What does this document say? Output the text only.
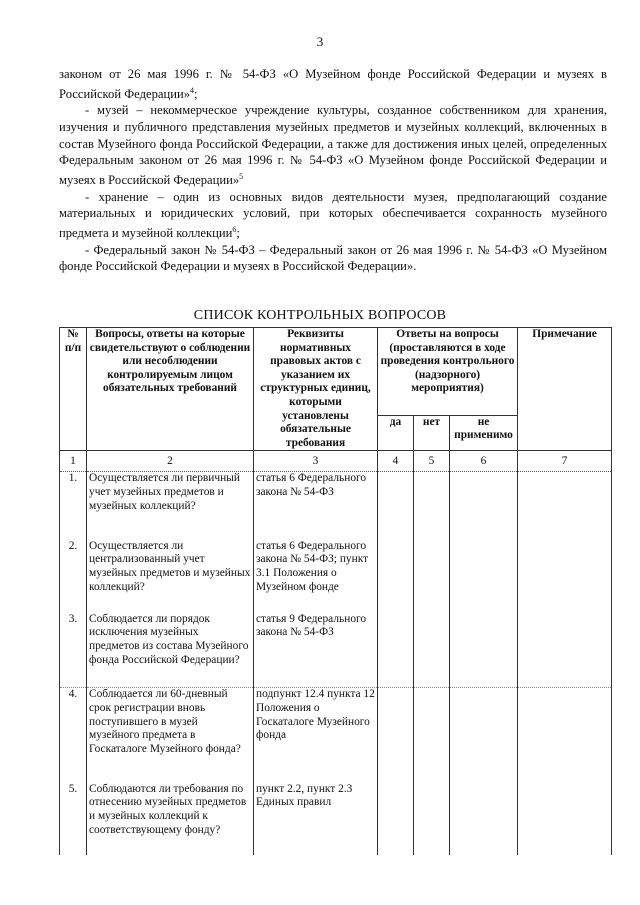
3

законом от 26 мая 1996 г. № 54-ФЗ «О Музейном фонде Российской Федерации и музеях в Российской Федерации»$^4$;

- музей – некоммерческое учреждение культуры, созданное собственником для хранения, изучения и публичного представления музейных предметов и музейных коллекций, включенных в состав Музейного фонда Российской Федерации, а также для достижения иных целей, определенных Федеральным законом от 26 мая 1996 г. № 54-ФЗ «О Музейном фонде Российской Федерации и музеях в Российской Федерации»$^5$

- хранение – один из основных видов деятельности музея, предполагающий создание материальных и юридических условий, при которых обеспечивается сохранность музейного предмета и музейной коллекции$^6$;

- Федеральный закон № 54-ФЗ – Федеральный закон от 26 мая 1996 г. № 54-ФЗ «О Музейном фонде Российской Федерации и музеях в Российской Федерации».

СПИСОК КОНТРОЛЬНЫХ ВОПРОСОВ
№ п/п	Вопросы, ответы на которые свидетельствуют о соблюдении или несоблюдении контролируемым лицом обязательных требований	Реквизиты нормативных правовых актов с указанием их структурных единиц, которыми установлены обязательные требования	Ответы на вопросы (проставляются в ходе проведения контрольного (надзорного) мероприятия)			Примечание
			да	нет	не применимо	
1	2	3	4	5	6	7
1.	Осуществляется ли первичный учет музейных предметов и музейных коллекций?	статья 6 Федерального закона № 54-ФЗ				
2.	Осуществляется ли централизованный учет музейных предметов и музейных коллекций?	статья 6 Федерального закона № 54-ФЗ; пункт 3.1 Положения о Музейном фонде				
3.	Соблюдается ли порядок исключения музейных предметов из состава Музейного фонда Российской Федерации?	статья 9 Федерального закона № 54-ФЗ				
4.	Соблюдается ли 60-дневный срок регистрации вновь поступившего в музей музейного предмета в Госкаталоге Музейного фонда?	подпункт 12.4 пункта 12 Положения о Госкаталоге Музейного фонда				
5.	Соблюдаются ли требования по отнесению музейных предметов и музейных коллекций к соответствующему фонду?	пункт 2.2, пункт 2.3 Единых правил				
